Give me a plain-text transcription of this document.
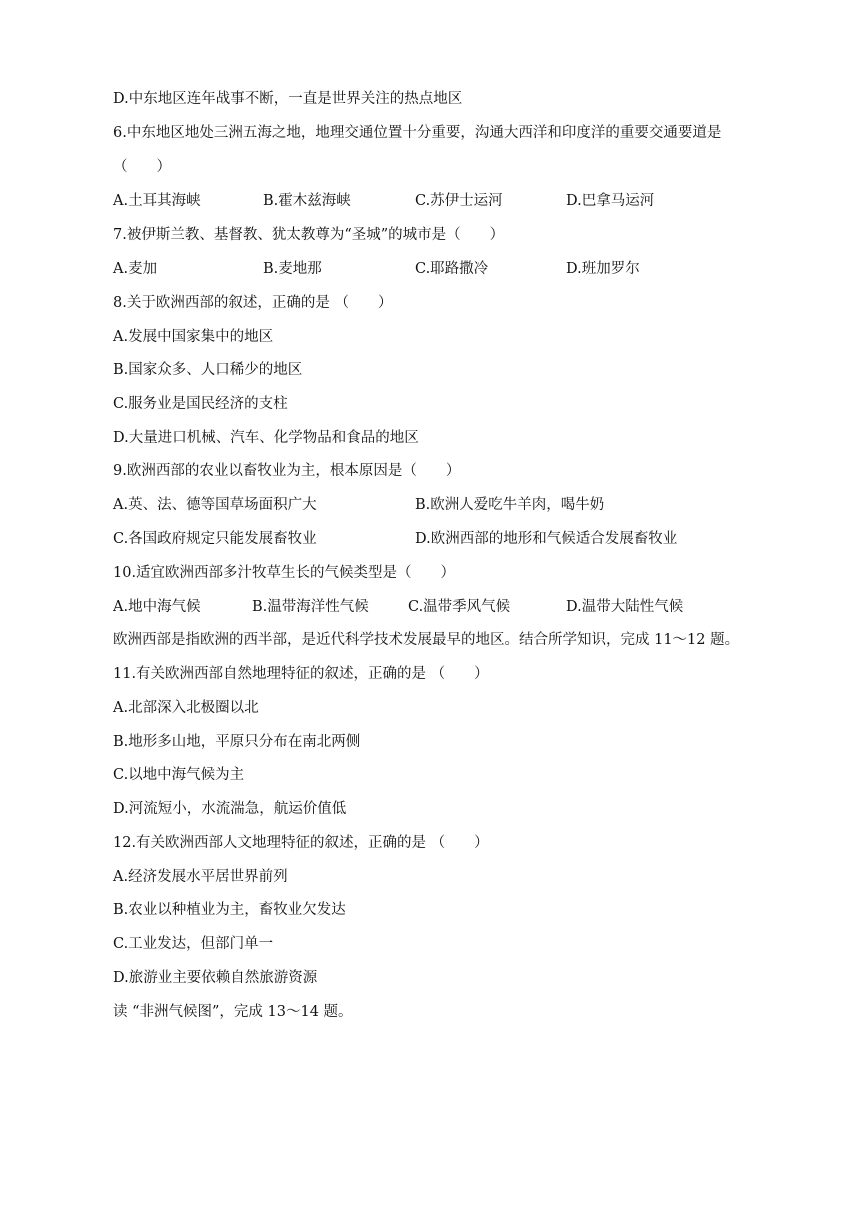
D.中东地区连年战事不断，一直是世界关注的热点地区
6.中东地区地处三洲五海之地，地理交通位置十分重要，沟通大西洋和印度洋的重要交通要道是
（　　）
A.土耳其海峡	B.霍木兹海峡	C.苏伊士运河	D.巴拿马运河
7.被伊斯兰教、基督教、犹太教尊为“圣城”的城市是（　　）
A.麦加	B.麦地那	C.耶路撒冷	D.班加罗尔
8.关于欧洲西部的叙述，正确的是 （　　）
A.发展中国家集中的地区
B.国家众多、人口稀少的地区
C.服务业是国民经济的支柱
D.大量进口机械、汽车、化学物品和食品的地区
9.欧洲西部的农业以畜牧业为主，根本原因是（　　）
A.英、法、德等国草场面积广大	B.欧洲人爱吃牛羊肉，喝牛奶
C.各国政府规定只能发展畜牧业	D.欧洲西部的地形和气候适合发展畜牧业
10.适宜欧洲西部多汁牧草生长的气候类型是（　　）
A.地中海气候	B.温带海洋性气候	C.温带季风气候	D.温带大陆性气候
欧洲西部是指欧洲的西半部，是近代科学技术发展最早的地区。结合所学知识，完成 11～12 题。
11.有关欧洲西部自然地理特征的叙述，正确的是 （　　）
A.北部深入北极圈以北
B.地形多山地，平原只分布在南北两侧
C.以地中海气候为主
D.河流短小，水流湍急，航运价值低
12.有关欧洲西部人文地理特征的叙述，正确的是 （　　）
A.经济发展水平居世界前列
B.农业以种植业为主，畜牧业欠发达
C.工业发达，但部门单一
D.旅游业主要依赖自然旅游资源
读 “非洲气候图”，完成 13～14 题。
